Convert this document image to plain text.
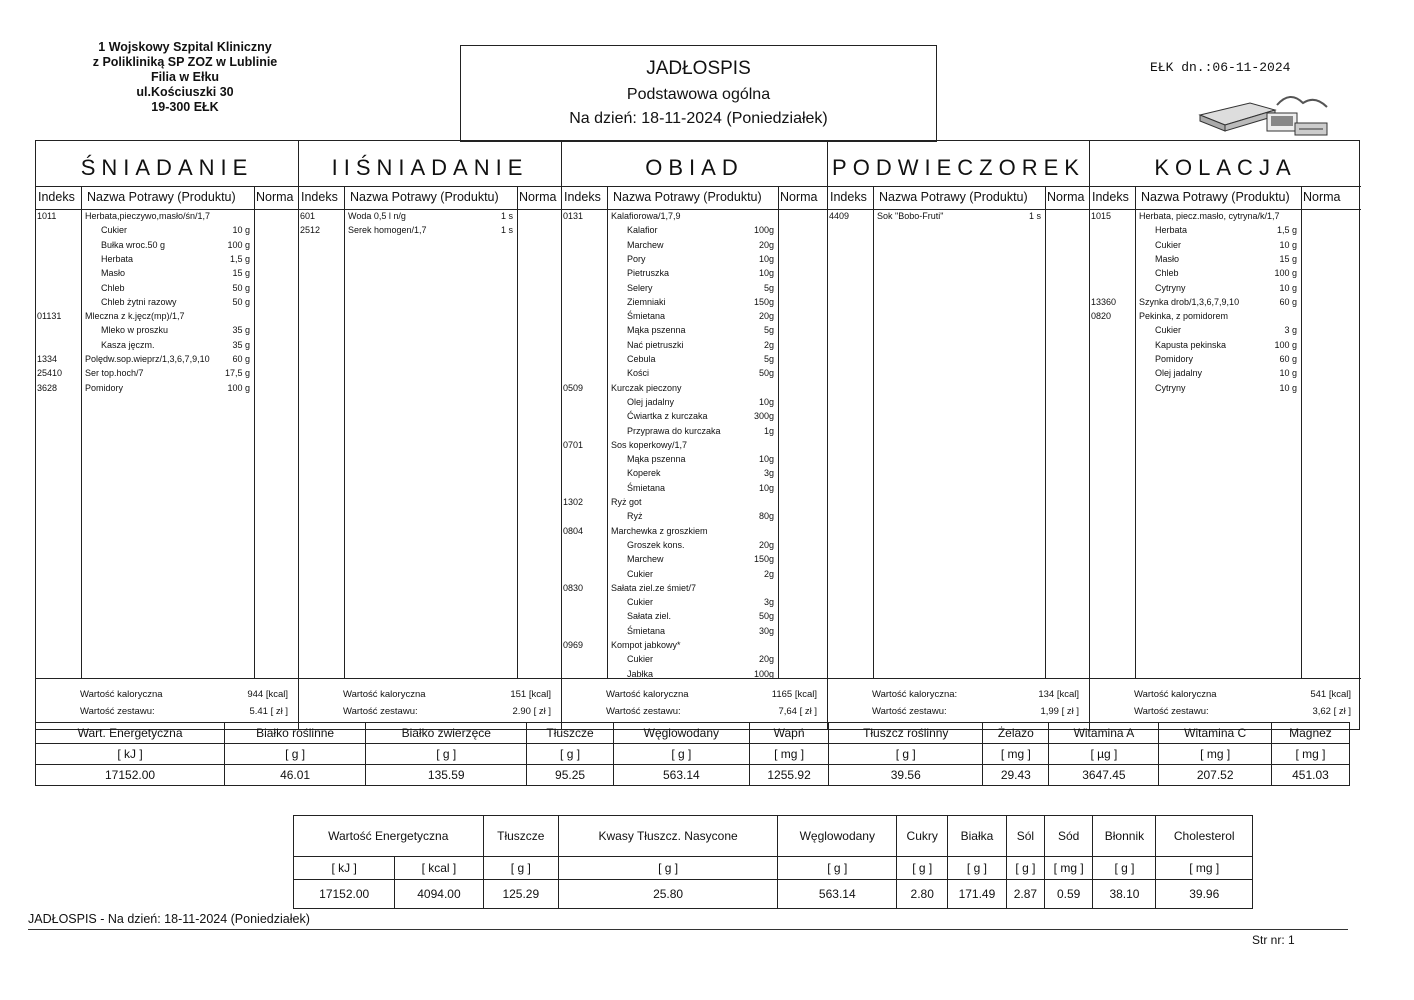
1 Wojskowy Szpital Kliniczny
z Polikliniką SP ZOZ w Lublinie
Filia w Ełku
ul.Kościuszki 30
19-300 EŁK
JADŁOSPIS
Podstawowa ogólna
Na dzień: 18-11-2024 (Poniedziałek)
EŁK dn.:06-11-2024
ŚNIADANIE
Indeks Nazwa Potrawy (Produktu) Norma
1011	Herbata,pieczywo,masło/śn/1,7
Cukier	10 g
Bułka wroc.50 g	100 g
Herbata	1,5 g
Masło	15 g
Chleb	50 g
Chleb żytni razowy	50 g
01131	Mleczna z k.jęcz(mp)/1,7
Mleko w proszku	35 g
Kasza jęczm.	35 g
1334	Polędw.sop.wieprz/1,3,6,7,9,10	60 g
25410	Ser top.hoch/7	17,5 g
3628	Pomidory	100 g
Wartość kaloryczna	944 [kcal]
Wartość zestawu:	5.41 [ zł ]
IIŚNIADANIE
Indeks Nazwa Potrawy (Produktu) Norma
601	Woda 0,5 l n/g	1 s
2512	Serek homogen/1,7	1 s
Wartość kaloryczna	151 [kcal]
Wartość zestawu:	2.90 [ zł ]
OBIAD
Indeks Nazwa Potrawy (Produktu) Norma
0131	Kalafiorowa/1,7,9
Kalafior	100g
Marchew	20g
Pory	10g
Pietruszka	10g
Selery	5g
Ziemniaki	150g
Śmietana	20g
Mąka pszenna	5g
Nać pietruszki	2g
Cebula	5g
Kości	50g
0509	Kurczak pieczony
Olej jadalny	10g
Ćwiartka z kurczaka	300g
Przyprawa do kurczaka	1g
0701	Sos koperkowy/1,7
Mąka pszenna	10g
Koperek	3g
Śmietana	10g
1302	Ryż got
Ryż	80g
0804	Marchewka z groszkiem
Groszek kons.	20g
Marchew	150g
Cukier	2g
0830	Sałata ziel.ze śmiet/7
Cukier	3g
Sałata ziel.	50g
Śmietana	30g
0969	Kompot jabkowy*
Cukier	20g
Jabłka	100g
Wartość kaloryczna	1165 [kcal]
Wartość zestawu:	7,64 [ zł ]
PODWIECZOREK
Indeks Nazwa Potrawy (Produktu) Norma
4409	Sok "Bobo-Fruti"	1 s
Wartość kaloryczna:	134 [kcal]
Wartość zestawu:	1,99 [ zł ]
KOLACJA
Indeks Nazwa Potrawy (Produktu) Norma
1015	Herbata, piecz.masło, cytryna/k/1,7
Herbata	1,5 g
Cukier	10 g
Masło	15 g
Chleb	100 g
Cytryny	10 g
13360	Szynka drob/1,3,6,7,9,10	60 g
0820	Pekinka, z pomidorem
Cukier	3 g
Kapusta pekinska	100 g
Pomidory	60 g
Olej jadalny	10 g
Cytryny	10 g
Wartość kaloryczna	541 [kcal]
Wartość zestawu:	3,62 [ zł ]
Wart. Energetyczna	Białko roślinne	Białko zwierzęce	Tłuszcze	Węglowodany	Wapń	Tłuszcz roślinny	Żelazo	Witamina A	Witamina C	Magnez
[ kJ ]	[ g ]	[ g ]	[ g ]	[ g ]	[ mg ]	[ g ]	[ mg ]	[ µg ]	[ mg ]	[ mg ]
17152.00	46.01	135.59	95.25	563.14	1255.92	39.56	29.43	3647.45	207.52	451.03
Wartość Energetyczna		Tłuszcze	Kwasy Tłuszcz. Nasycone	Węglowodany	Cukry	Białka	Sól	Sód	Błonnik	Cholesterol
[ kJ ]	[ kcal ]	[ g ]	[ g ]	[ g ]	[ g ]	[ g ]	[ g ]	[ mg ]	[ g ]	[ mg ]
17152.00	4094.00	125.29	25.80	563.14	2.80	171.49	2.87	0.59	38.10	39.96
JADŁOSPIS - Na dzień: 18-11-2024 (Poniedziałek)
Str nr: 1
